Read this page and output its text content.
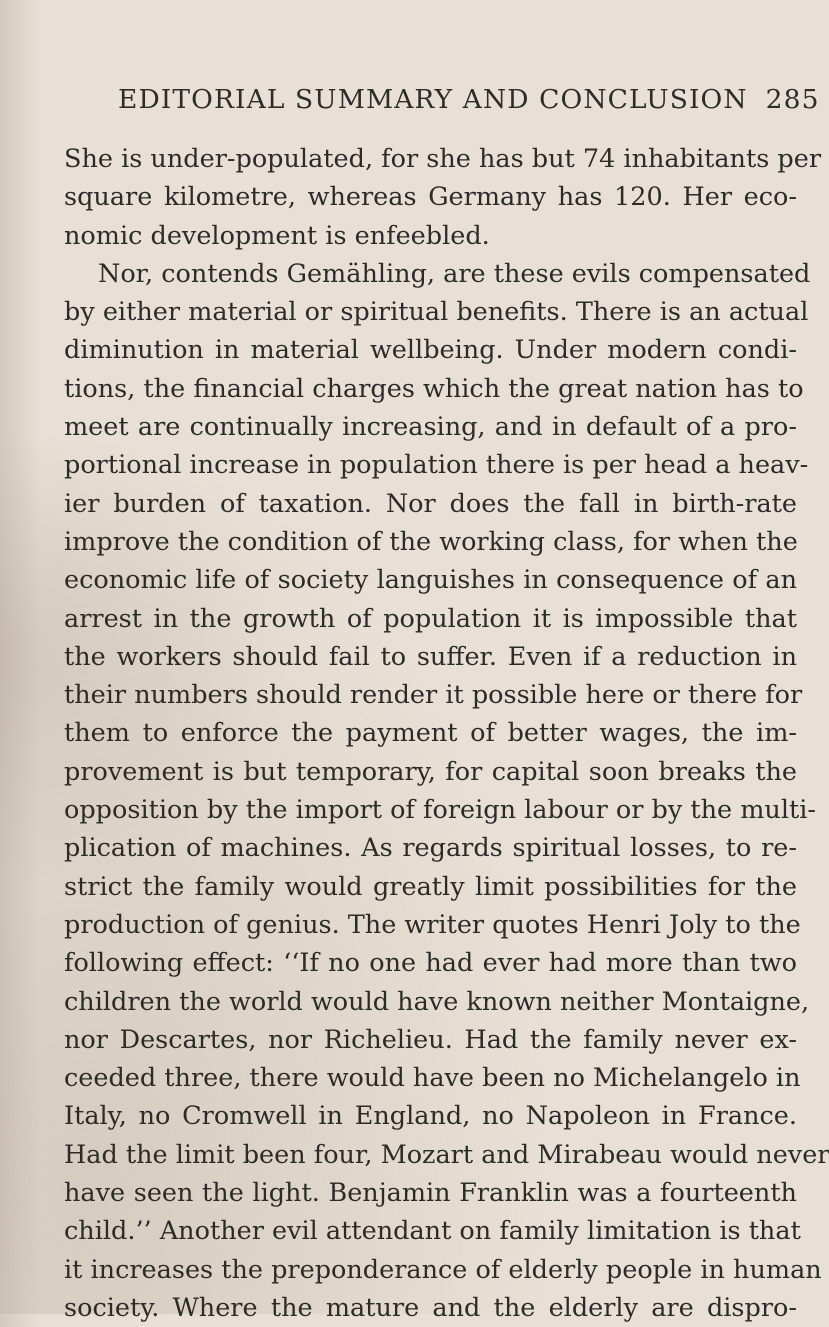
EDITORIAL SUMMARY AND CONCLUSION 285
She is under-populated, for she has but 74 inhabitants per
square kilometre, whereas Germany has 120. Her eco-
nomic development is enfeebled.
Nor, contends Gemähling, are these evils compensated
by either material or spiritual benefits. There is an actual
diminution in material wellbeing. Under modern condi-
tions, the financial charges which the great nation has to
meet are continually increasing, and in default of a pro-
portional increase in population there is per head a heav-
ier burden of taxation. Nor does the fall in birth-rate
improve the condition of the working class, for when the
economic life of society languishes in consequence of an
arrest in the growth of population it is impossible that
the workers should fail to suffer. Even if a reduction in
their numbers should render it possible here or there for
them to enforce the payment of better wages, the im-
provement is but temporary, for capital soon breaks the
opposition by the import of foreign labour or by the multi-
plication of machines. As regards spiritual losses, to re-
strict the family would greatly limit possibilities for the
production of genius. The writer quotes Henri Joly to the
following effect: ‘‘If no one had ever had more than two
children the world would have known neither Montaigne,
nor Descartes, nor Richelieu. Had the family never ex-
ceeded three, there would have been no Michelangelo in
Italy, no Cromwell in England, no Napoleon in France.
Had the limit been four, Mozart and Mirabeau would never
have seen the light. Benjamin Franklin was a fourteenth
child.’’ Another evil attendant on family limitation is that
it increases the preponderance of elderly people in human
society. Where the mature and the elderly are dispro-
